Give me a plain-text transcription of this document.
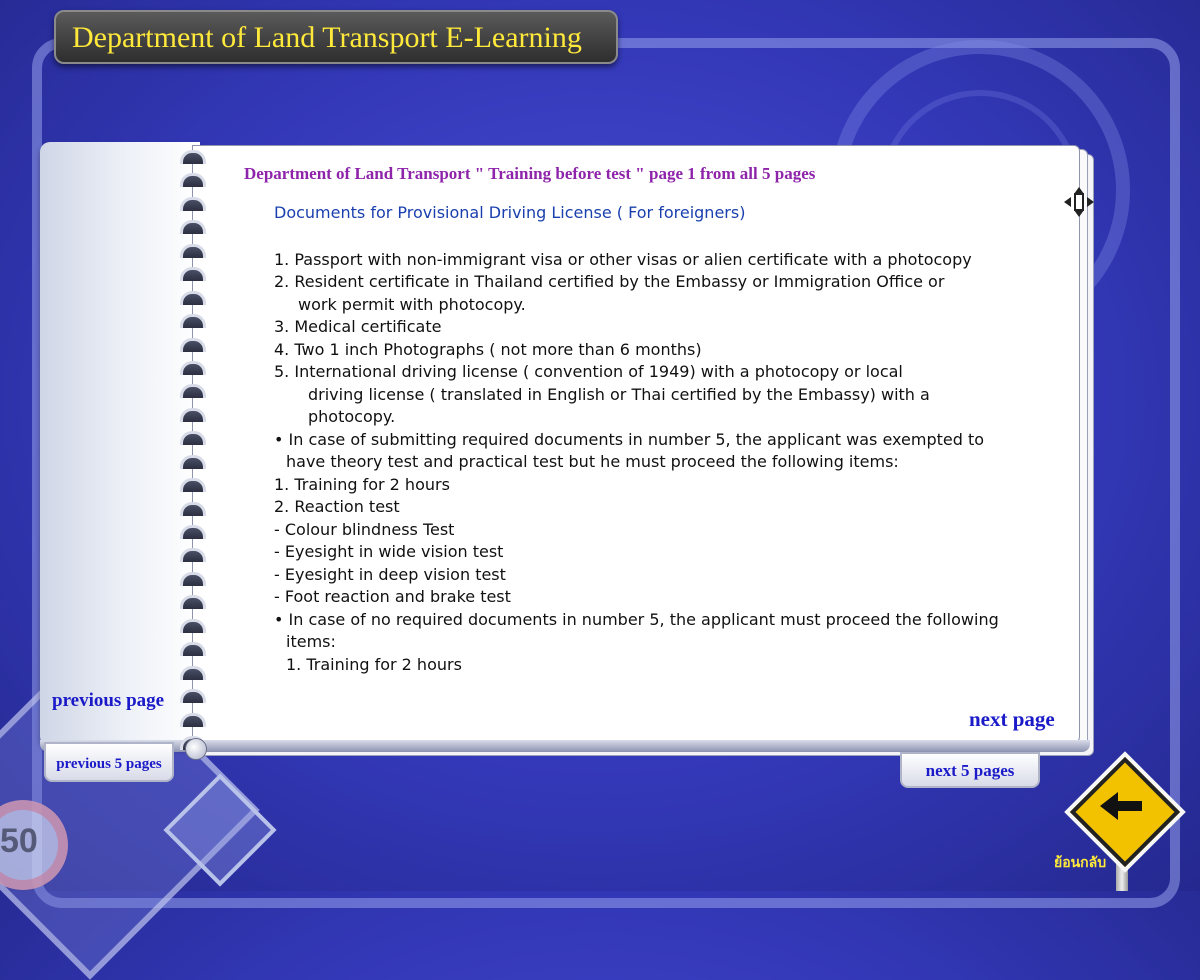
50
Department of Land Transport E-Learning
Department of Land Transport " Training before test " page 1 from all 5 pages
Documents for Provisional Driving License ( For foreigners)
1. Passport with non-immigrant visa or other visas or alien certificate with a photocopy
2. Resident certificate in Thailand certified by the Embassy or Immigration Office or
work permit with photocopy.
3. Medical certificate
4. Two 1 inch Photographs ( not more than 6 months)
5. International driving license ( convention of 1949) with a photocopy or local
driving license ( translated in English or Thai certified by the Embassy) with a
photocopy.
• In case of submitting required documents in number 5, the applicant was exempted to
have theory test and practical test but he must proceed the following items:
1. Training for 2 hours
2. Reaction test
- Colour blindness Test
- Eyesight in wide vision test
- Eyesight in deep vision test
- Foot reaction and brake test
• In case of no required documents in number 5, the applicant must proceed the following
items:
1. Training for 2 hours
previous page
next page
previous 5 pages	next 5 pages
ย้อนกลับ
